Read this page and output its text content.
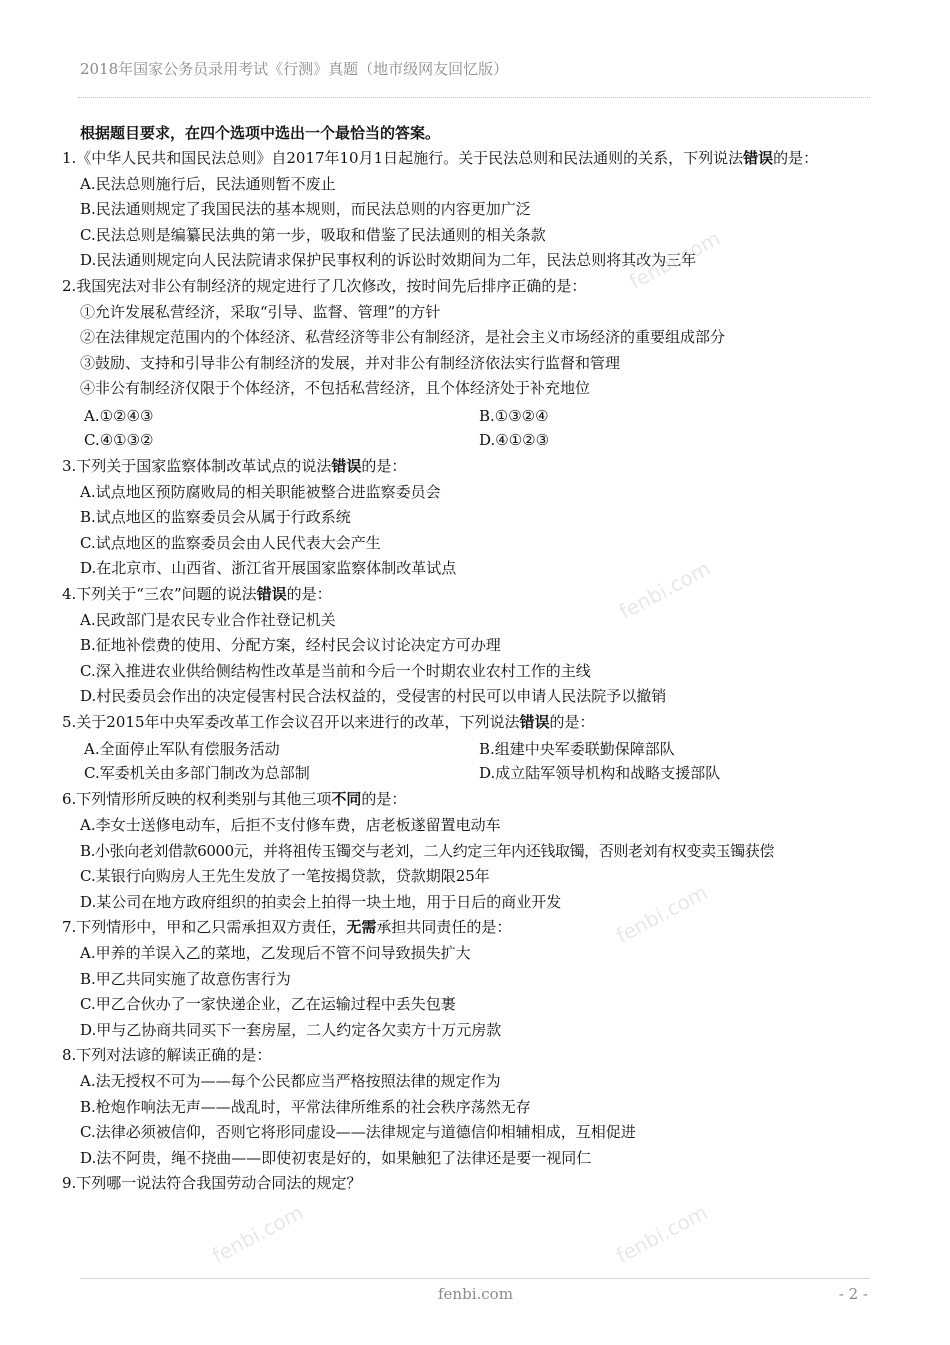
2018年国家公务员录用考试《行测》真题（地市级网友回忆版）
fenbi.com
fenbi.com
fenbi.com
fenbi.com
fenbi.com
根据题目要求，在四个选项中选出一个最恰当的答案。
1.《中华人民共和国民法总则》自2017年10月1日起施行。关于民法总则和民法通则的关系，下列说法错误的是：
A.民法总则施行后，民法通则暂不废止
B.民法通则规定了我国民法的基本规则，而民法总则的内容更加广泛
C.民法总则是编纂民法典的第一步，吸取和借鉴了民法通则的相关条款
D.民法通则规定向人民法院请求保护民事权利的诉讼时效期间为二年，民法总则将其改为三年
2.我国宪法对非公有制经济的规定进行了几次修改，按时间先后排序正确的是：
①允许发展私营经济，采取“引导、监督、管理”的方针
②在法律规定范围内的个体经济、私营经济等非公有制经济，是社会主义市场经济的重要组成部分
③鼓励、支持和引导非公有制经济的发展，并对非公有制经济依法实行监督和管理
④非公有制经济仅限于个体经济，不包括私营经济，且个体经济处于补充地位
A.①②④③	B.①③②④
C.④①③②	D.④①②③
3.下列关于国家监察体制改革试点的说法错误的是：
A.试点地区预防腐败局的相关职能被整合进监察委员会
B.试点地区的监察委员会从属于行政系统
C.试点地区的监察委员会由人民代表大会产生
D.在北京市、山西省、浙江省开展国家监察体制改革试点
4.下列关于“三农”问题的说法错误的是：
A.民政部门是农民专业合作社登记机关
B.征地补偿费的使用、分配方案，经村民会议讨论决定方可办理
C.深入推进农业供给侧结构性改革是当前和今后一个时期农业农村工作的主线
D.村民委员会作出的决定侵害村民合法权益的，受侵害的村民可以申请人民法院予以撤销
5.关于2015年中央军委改革工作会议召开以来进行的改革，下列说法错误的是：
A.全面停止军队有偿服务活动	B.组建中央军委联勤保障部队
C.军委机关由多部门制改为总部制	D.成立陆军领导机构和战略支援部队
6.下列情形所反映的权利类别与其他三项不同的是：
A.李女士送修电动车，后拒不支付修车费，店老板遂留置电动车
B.小张向老刘借款6000元，并将祖传玉镯交与老刘，二人约定三年内还钱取镯，否则老刘有权变卖玉镯获偿
C.某银行向购房人王先生发放了一笔按揭贷款，贷款期限25年
D.某公司在地方政府组织的拍卖会上拍得一块土地，用于日后的商业开发
7.下列情形中，甲和乙只需承担双方责任，无需承担共同责任的是：
A.甲养的羊误入乙的菜地，乙发现后不管不问导致损失扩大
B.甲乙共同实施了故意伤害行为
C.甲乙合伙办了一家快递企业，乙在运输过程中丢失包裹
D.甲与乙协商共同买下一套房屋，二人约定各欠卖方十万元房款
8.下列对法谚的解读正确的是：
A.法无授权不可为——每个公民都应当严格按照法律的规定作为
B.枪炮作响法无声——战乱时，平常法律所维系的社会秩序荡然无存
C.法律必须被信仰，否则它将形同虚设——法律规定与道德信仰相辅相成，互相促进
D.法不阿贵，绳不挠曲——即使初衷是好的，如果触犯了法律还是要一视同仁
9.下列哪一说法符合我国劳动合同法的规定？
fenbi.com	- 2 -
